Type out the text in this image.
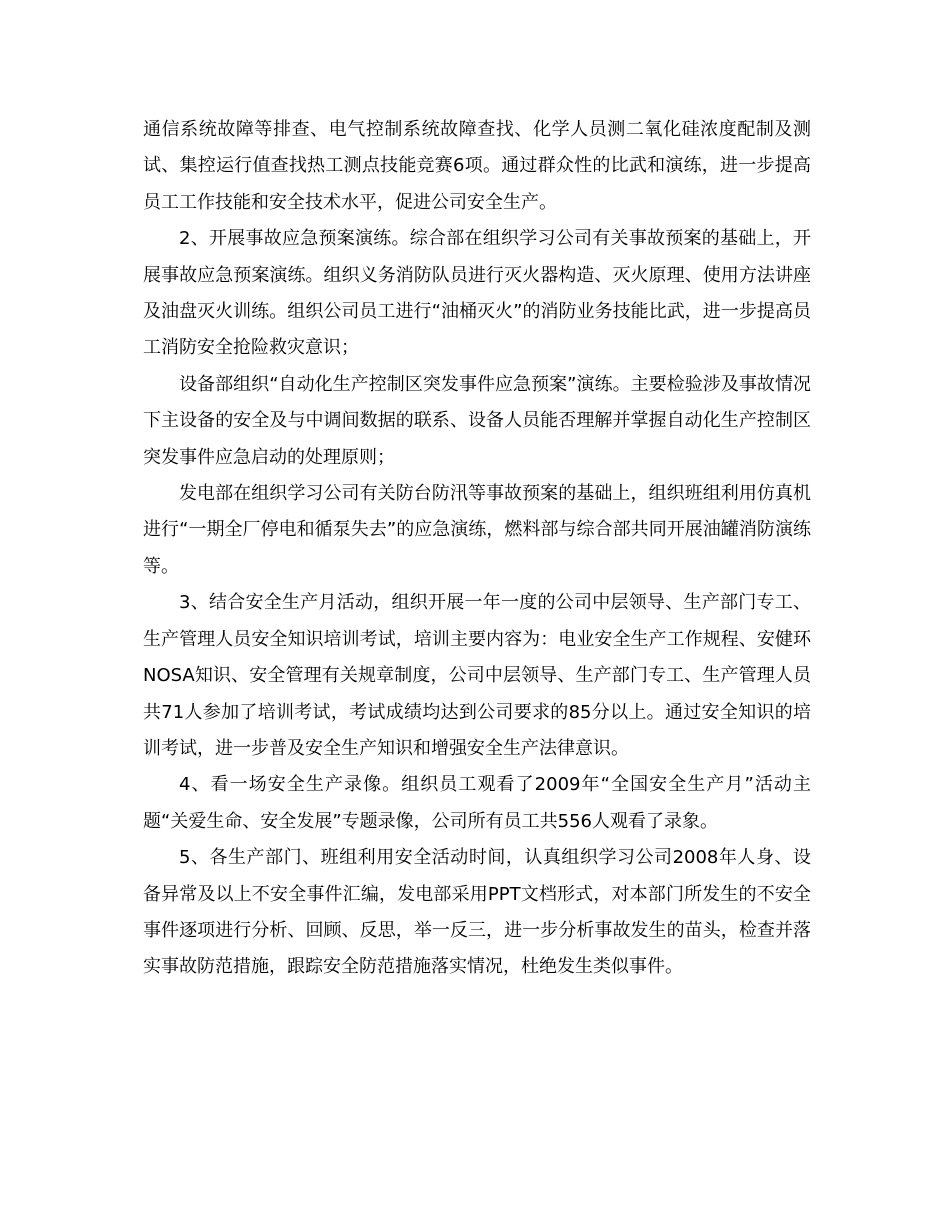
通信系统故障等排查、电气控制系统故障查找、化学人员测二氧化硅浓度配制及测试、集控运行值查找热工测点技能竞赛6项。通过群众性的比武和演练，进一步提高员工工作技能和安全技术水平，促进公司安全生产。

2、开展事故应急预案演练。综合部在组织学习公司有关事故预案的基础上，开展事故应急预案演练。组织义务消防队员进行灭火器构造、灭火原理、使用方法讲座及油盘灭火训练。组织公司员工进行“油桶灭火”的消防业务技能比武，进一步提高员工消防安全抢险救灾意识；

设备部组织“自动化生产控制区突发事件应急预案”演练。主要检验涉及事故情况下主设备的安全及与中调间数据的联系、设备人员能否理解并掌握自动化生产控制区突发事件应急启动的处理原则；

发电部在组织学习公司有关防台防汛等事故预案的基础上，组织班组利用仿真机进行“一期全厂停电和循泵失去”的应急演练，燃料部与综合部共同开展油罐消防演练等。

3、结合安全生产月活动，组织开展一年一度的公司中层领导、生产部门专工、生产管理人员安全知识培训考试，培训主要内容为：电业安全生产工作规程、安健环NOSA知识、安全管理有关规章制度，公司中层领导、生产部门专工、生产管理人员共71人参加了培训考试，考试成绩均达到公司要求的85分以上。通过安全知识的培训考试，进一步普及安全生产知识和增强安全生产法律意识。

4、看一场安全生产录像。组织员工观看了2009年“全国安全生产月”活动主题“关爱生命、安全发展”专题录像，公司所有员工共556人观看了录象。

5、各生产部门、班组利用安全活动时间，认真组织学习公司2008年人身、设备异常及以上不安全事件汇编，发电部采用PPT文档形式，对本部门所发生的不安全事件逐项进行分析、回顾、反思，举一反三，进一步分析事故发生的苗头，检查并落实事故防范措施，跟踪安全防范措施落实情况，杜绝发生类似事件。
